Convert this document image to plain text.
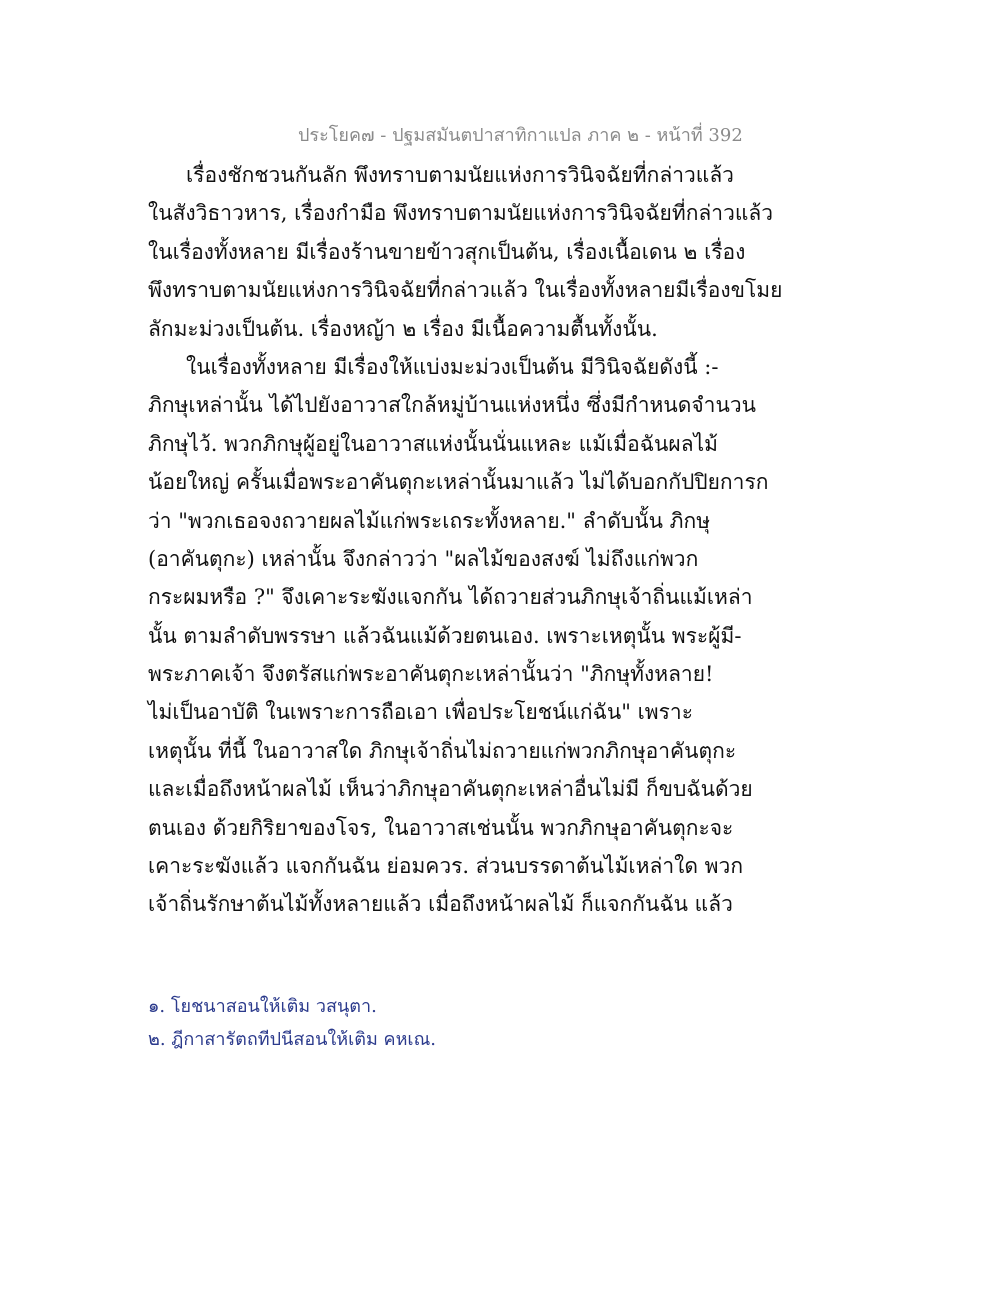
ประโยค๗ - ปฐมสมันตปาสาทิกาแปล ภาค ๒ - หน้าที่ 392
เรื่องชักชวนกันลัก พึงทราบตามนัยแห่งการวินิจฉัยที่กล่าวแล้ว
ในสังวิธาวหาร, เรื่องกำมือ พึงทราบตามนัยแห่งการวินิจฉัยที่กล่าวแล้ว
ในเรื่องทั้งหลาย มีเรื่องร้านขายข้าวสุกเป็นต้น, เรื่องเนื้อเดน ๒ เรื่อง
พึงทราบตามนัยแห่งการวินิจฉัยที่กล่าวแล้ว ในเรื่องทั้งหลายมีเรื่องขโมย
ลักมะม่วงเป็นต้น. เรื่องหญ้า ๒ เรื่อง มีเนื้อความตื้นทั้งนั้น.
ในเรื่องทั้งหลาย มีเรื่องให้แบ่งมะม่วงเป็นต้น มีวินิจฉัยดังนี้ :-
ภิกษุเหล่านั้น ได้ไปยังอาวาสใกล้หมู่บ้านแห่งหนึ่ง ซึ่งมีกำหนดจำนวน
ภิกษุไว้. พวกภิกษุผู้อยู่ในอาวาสแห่งนั้นนั่นแหละ แม้เมื่อฉันผลไม้
น้อยใหญ่ ครั้นเมื่อพระอาคันตุกะเหล่านั้นมาแล้ว ไม่ได้บอกกัปปิยการก
ว่า "พวกเธอจงถวายผลไม้แก่พระเถระทั้งหลาย." ลำดับนั้น ภิกษุ
(อาคันตุกะ) เหล่านั้น จึงกล่าวว่า "ผลไม้ของสงฆ์ ไม่ถึงแก่พวก
กระผมหรือ ?" จึงเคาะระฆังแจกกัน ได้ถวายส่วนภิกษุเจ้าถิ่นแม้เหล่า
นั้น ตามลำดับพรรษา แล้วฉันแม้ด้วยตนเอง. เพราะเหตุนั้น พระผู้มี-
พระภาคเจ้า จึงตรัสแก่พระอาคันตุกะเหล่านั้นว่า "ภิกษุทั้งหลาย!
ไม่เป็นอาบัติ ในเพราะการถือเอา เพื่อประโยชน์แก่ฉัน" เพราะ
เหตุนั้น ที่นี้ ในอาวาสใด ภิกษุเจ้าถิ่นไม่ถวายแก่พวกภิกษุอาคันตุกะ
และเมื่อถึงหน้าผลไม้ เห็นว่าภิกษุอาคันตุกะเหล่าอื่นไม่มี ก็ขบฉันด้วย
ตนเอง ด้วยกิริยาของโจร, ในอาวาสเช่นนั้น พวกภิกษุอาคันตุกะจะ
เคาะระฆังแล้ว แจกกันฉัน ย่อมควร. ส่วนบรรดาต้นไม้เหล่าใด พวก
เจ้าถิ่นรักษาต้นไม้ทั้งหลายแล้ว เมื่อถึงหน้าผลไม้ ก็แจกกันฉัน แล้ว
๑. โยชนาสอนให้เติม วสนุตา.
๒. ฎีกาสารัตถทีปนีสอนให้เติม คหเณ.
